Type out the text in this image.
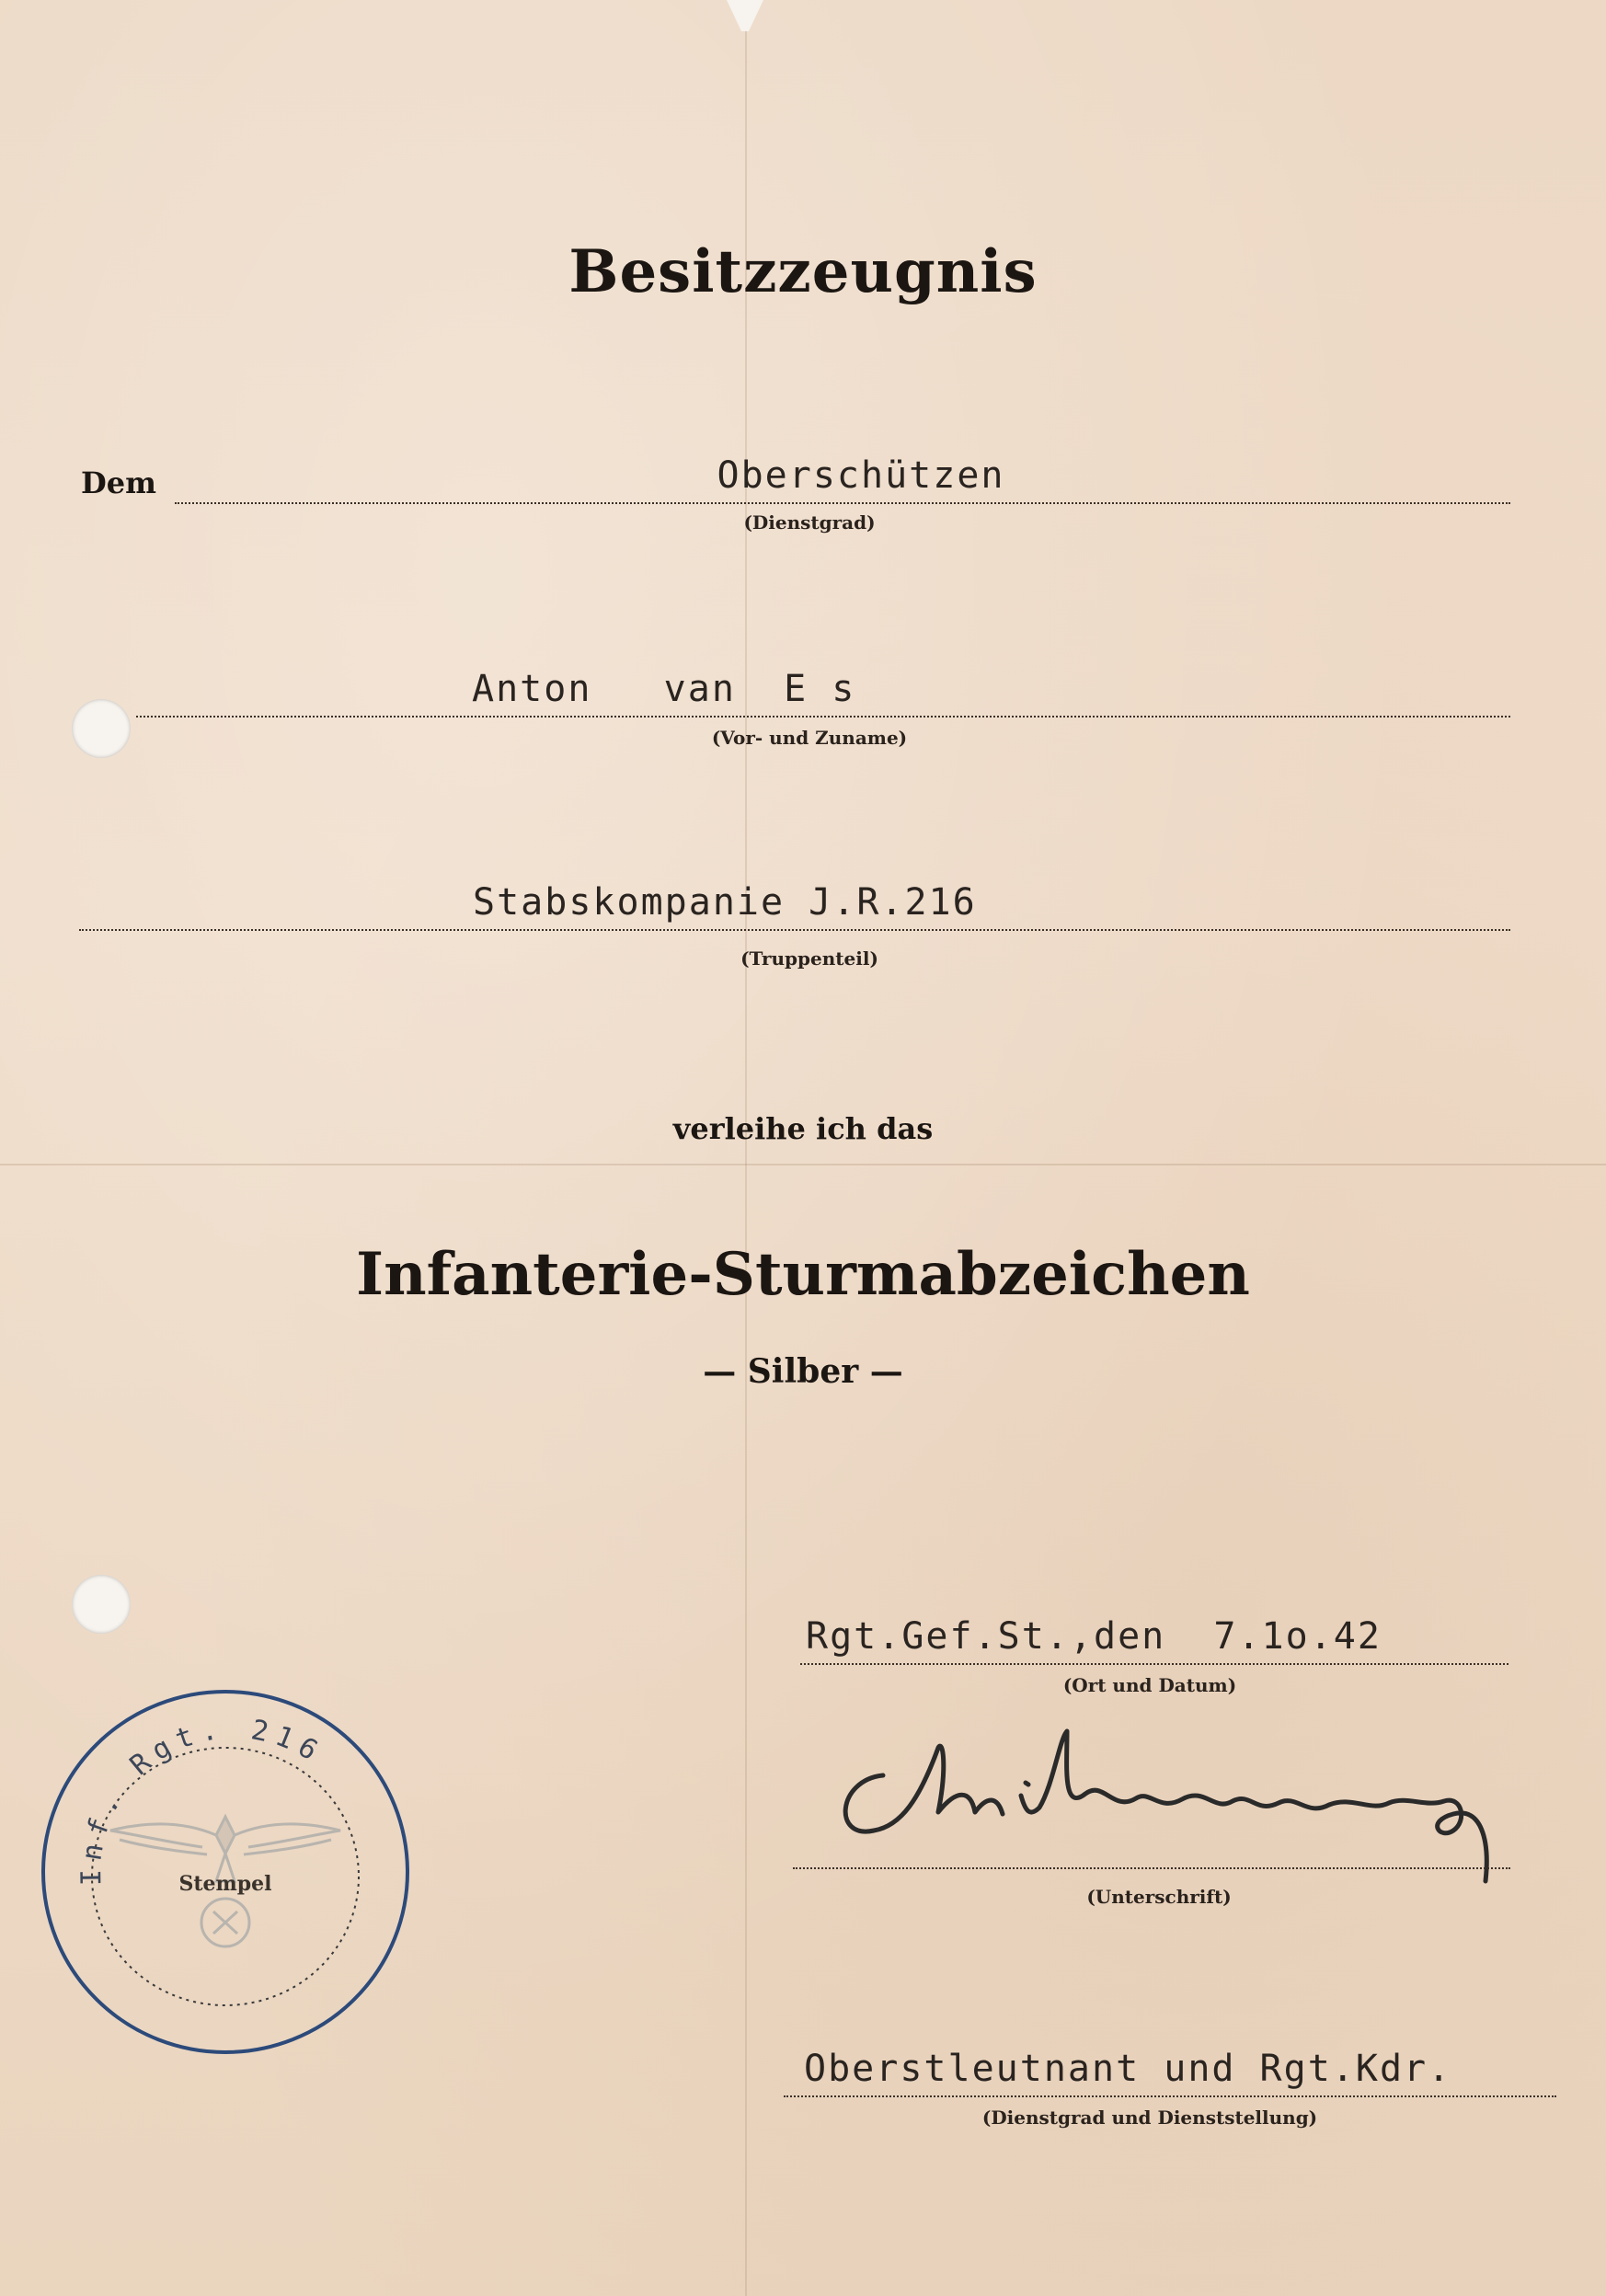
Besitzzeugnis
Dem	Oberschützen
(Dienstgrad)
Anton   van  E s
(Vor- und Zuname)
Stabskompanie J.R.216
(Truppenteil)
verleihe ich das
Infanterie-Sturmabzeichen
— Silber —
Rgt.Gef.St.,den  7.1o.42
(Ort und Datum)
(Unterschrift)
Oberstleutnant und Rgt.Kdr.
(Dienstgrad und Dienststellung)
Inf. Rgt. 216
Stempel
